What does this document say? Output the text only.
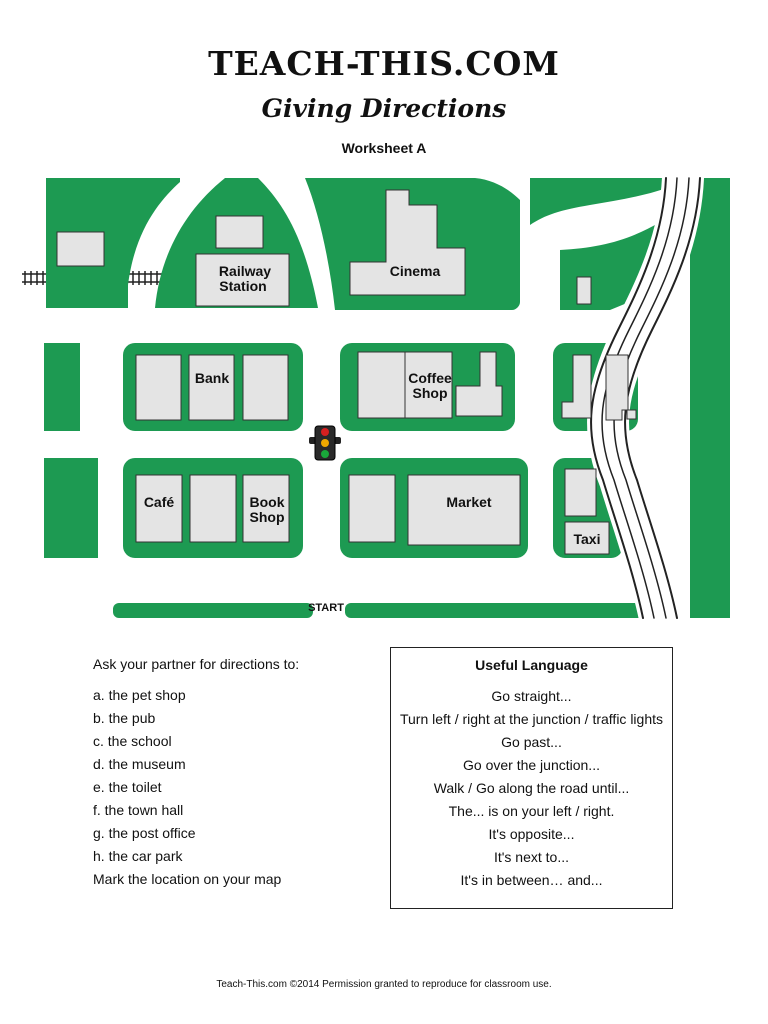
TEACH-THIS.COM
Giving Directions
Worksheet A
Railway
Station
Cinema
Bank	Coffee
Shop
Café	Book
Shop
Market
Taxi
START
Ask your partner for directions to:
a. the pet shop
b. the pub
c. the school
d. the museum
e. the toilet
f. the town hall
g. the post office
h. the car park
Mark the location on your map
Useful Language
Go straight...
Turn left / right at the junction / traffic lights
Go past...
Go over the junction...
Walk / Go along the road until...
The... is on your left / right.
It's opposite...
It's next to...
It's in between… and...
Teach-This.com ©2014 Permission granted to reproduce for classroom use.
